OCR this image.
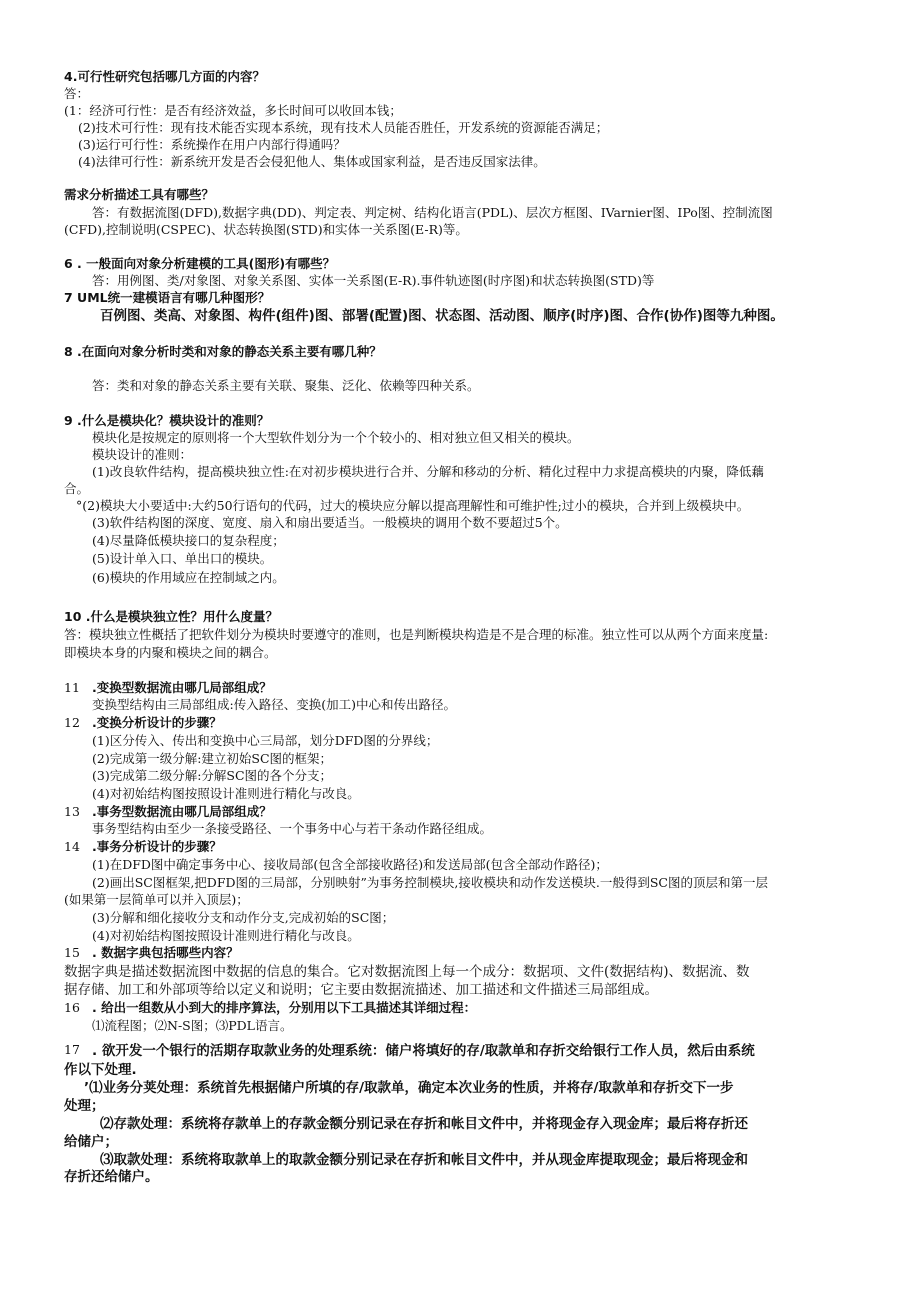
4.可行性研究包括哪几方面的内容？
答：
(1：经济可行性：是否有经济效益，多长时间可以收回本钱；
(2)技术可行性：现有技术能否实现本系统，现有技术人员能否胜任，开发系统的资源能否满足；
(3)运行可行性：系统操作在用户内部行得通吗？
(4)法律可行性：新系统开发是否会侵犯他人、集体或国家利益，是否违反国家法律。
需求分析描述工具有哪些？
答：有数据流图(DFD),数据字典(DD)、判定表、判定树、结构化语言(PDL)、层次方框图、IVarnier图、IPo图、控制流图
(CFD),控制说明(CSPEC)、状态转换图(STD)和实体一关系图(E-R)等。
6 . 一般面向对象分析建模的工具(图形)有哪些？
答：用例图、类/对象图、对象关系图、实体一关系图(E-R).事件轨迹图(时序图)和状态转换图(STD)等
7 UML统一建模语言有哪几种图形？
百例图、类高、对象图、构件(组件)图、部署(配置)图、状态图、活动图、顺序(时序)图、合作(协作)图等九种图。
8 .在面向对象分析时类和对象的静态关系主要有哪几种？
答：类和对象的静态关系主要有关联、聚集、泛化、依赖等四种关系。
9 .什么是模块化？模块设计的准则？
模块化是按规定的原则将一个大型软件划分为一个个较小的、相对独立但又相关的模块。
模块设计的准则：
(1)改良软件结构，提高模块独立性:在对初步模块进行合并、分解和移动的分析、精化过程中力求提高模块的内聚，降低藕
合。
°(2)模块大小要适中:大约50行语句的代码，过大的模块应分解以提高理解性和可维护性;过小的模块，合并到上级模块中。
(3)软件结构图的深度、宽度、扇入和扇出要适当。一般模块的调用个数不要超过5个。
(4)尽量降低模块接口的复杂程度；
(5)设计单入口、单出口的模块。
(6)模块的作用域应在控制域之内。
10 .什么是模块独立性？用什么度量？
答：模块独立性概括了把软件划分为模块时要遵守的准则，也是判断模块构造是不是合理的标准。独立性可以从两个方面来度量:
即模块本身的内聚和模块之间的耦合。
11 .变换型数据流由哪几局部组成？
变换型结构由三局部组成:传入路径、变换(加工)中心和传出路径。
12 .变换分析设计的步骤？
(1)区分传入、传出和变换中心三局部，划分DFD图的分界线；
(2)完成第一级分解:建立初始SC图的框架；
(3)完成第二级分解:分解SC图的各个分支；
(4)对初始结构图按照设计准则进行精化与改良。
13 .事务型数据流由哪几局部组成？
事务型结构由至少一条接受路径、一个事务中心与若干条动作路径组成。
14 .事务分析设计的步骤？
(1)在DFD图中确定事务中心、接收局部(包含全部接收路径)和发送局部(包含全部动作路径)；
(2)画出SC图框架,把DFD图的三局部，分别映射”为事务控制模块,接收模块和动作发送模块.一般得到SC图的顶层和第一层
(如果第一层简单可以并入顶层)；
(3)分解和细化接收分支和动作分支,完成初始的SC图；
(4)对初始结构图按照设计准则进行精化与改良。
15 . 数据字典包括哪些内容？
数据字典是描述数据流图中数据的信息的集合。它对数据流图上每一个成分：数据项、文件(数据结构)、数据流、数
据存储、加工和外部项等给以定义和说明；它主要由数据流描述、加工描述和文件描述三局部组成。
16 . 给出一组数从小到大的排序算法，分别用以下工具描述其详细过程：
⑴流程图；⑵N-S图；⑶PDL语言。
17 . 欲开发一个银行的活期存取款业务的处理系统：储户将填好的存/取款单和存折交给银行工作人员，然后由系统
作以下处理.
’⑴业务分荚处理：系统首先根据储户所填的存/取款单，确定本次业务的性质，并将存/取款单和存折交下一步
处理；
⑵存款处理：系统将存款单上的存款金额分别记录在存折和帐目文件中，并将现金存入现金库；最后将存折还
给储户；
⑶取款处理：系统将取款单上的取款金额分别记录在存折和帐目文件中，并从现金库提取现金；最后将现金和
存折还给储户。
